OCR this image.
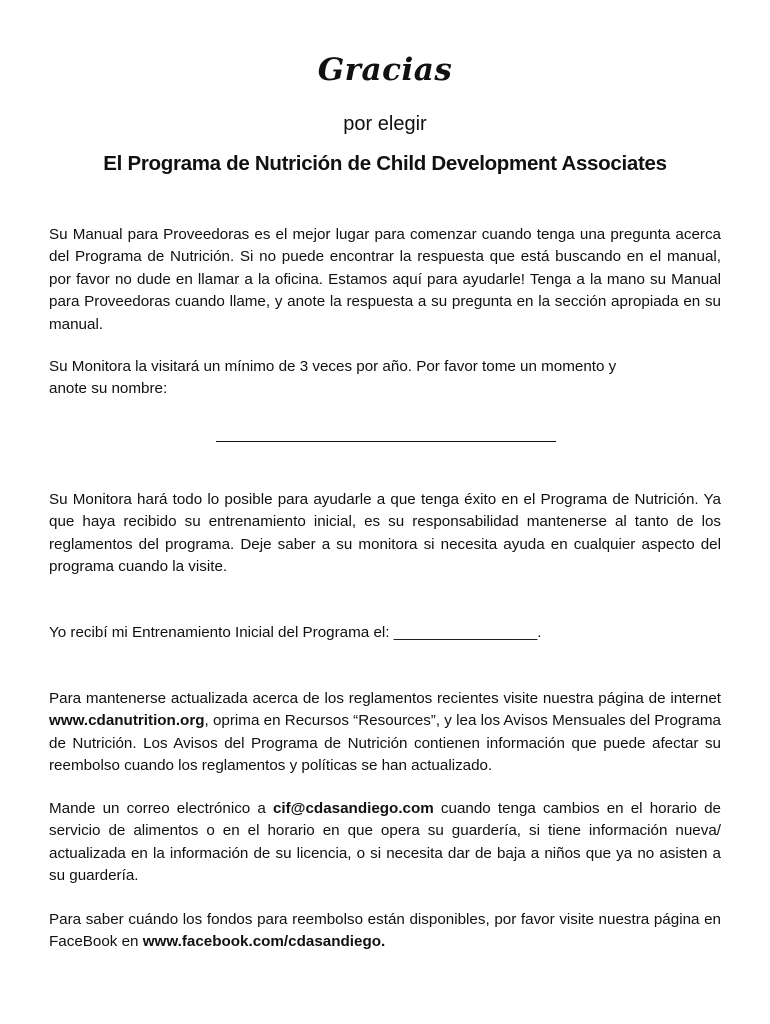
Gracias
por elegir
El Programa de Nutrición de Child Development Associates

Su Manual para Proveedoras es el mejor lugar para comenzar cuando tenga una pregunta acerca del Programa de Nutrición. Si no puede encontrar la respuesta que está buscando en el manual, por favor no dude en llamar a la oficina. Estamos aquí para ayudarle! Tenga a la mano su Manual para Proveedoras cuando llame, y anote la respuesta a su pregunta en la sección apropiada en su manual.

Su Monitora la visitará un mínimo de 3 veces por año. Por favor tome un momento y
anote su nombre:

Su Monitora hará todo lo posible para ayudarle a que tenga éxito en el Programa de Nutrición. Ya que haya recibido su entrenamiento inicial, es su responsabilidad mantenerse al tanto de los reglamentos del programa. Deje saber a su monitora si necesita ayuda en cualquier aspecto del programa cuando la visite.

Yo recibí mi Entrenamiento Inicial del Programa el: _________________.

Para mantenerse actualizada acerca de los reglamentos recientes visite nuestra página de internet www.cdanutrition.org, oprima en Recursos “Resources”, y lea los Avisos Mensuales del Programa de Nutrición. Los Avisos del Programa de Nutrición contienen información que puede afectar su reembolso cuando los reglamentos y políticas se han actualizado.

Mande un correo electrónico a cif@cdasandiego.com cuando tenga cambios en el horario de servicio de alimentos o en el horario en que opera su guardería, si tiene información nueva/ actualizada en la información de su licencia, o si necesita dar de baja a niños que ya no asisten a su guardería.

Para saber cuándo los fondos para reembolso están disponibles, por favor visite nuestra página en FaceBook en www.facebook.com/cdasandiego.
